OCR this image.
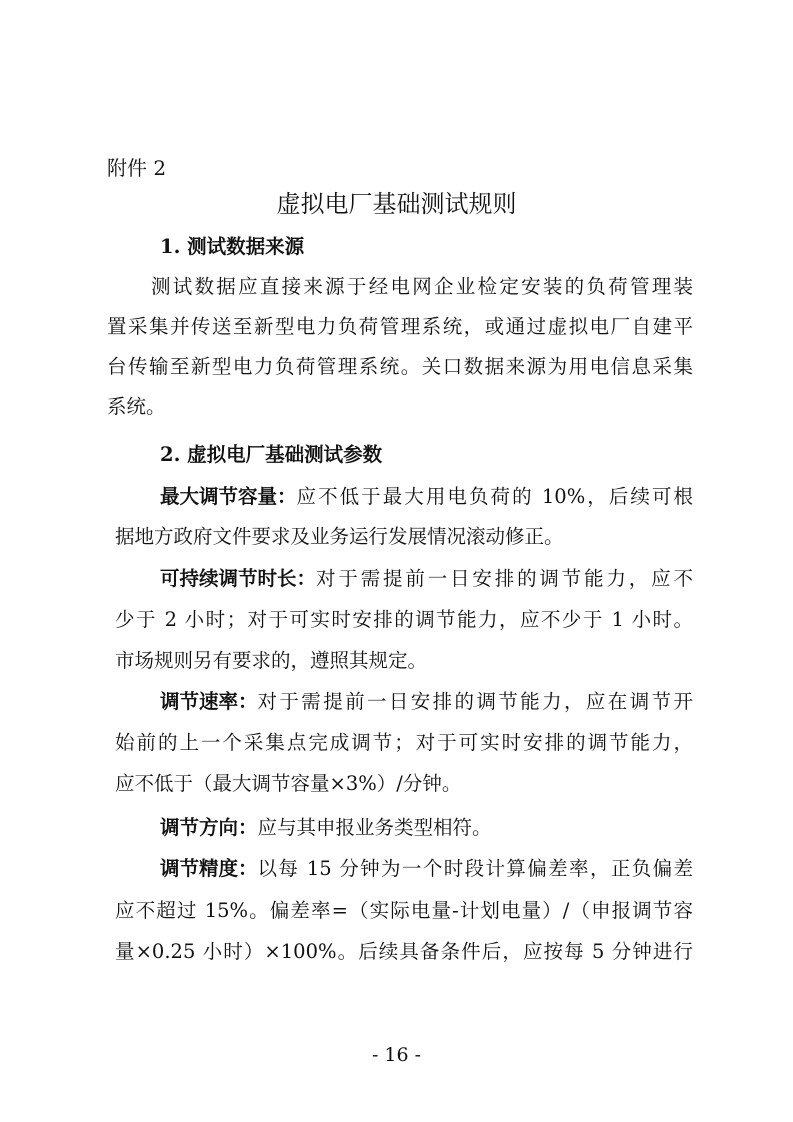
附件 2
虚拟电厂基础测试规则
1. 测试数据来源
测试数据应直接来源于经电网企业检定安装的负荷管理装
置采集并传送至新型电力负荷管理系统，或通过虚拟电厂自建平
台传输至新型电力负荷管理系统。关口数据来源为用电信息采集
系统。
2. 虚拟电厂基础测试参数
最大调节容量： 应不低于最大用电负荷的 10%，后续可根
据地方政府文件要求及业务运行发展情况滚动修正。
可持续调节时长： 对于需提前一日安排的调节能力，应不
少于 2 小时；对于可实时安排的调节能力，应不少于 1 小时。
市场规则另有要求的，遵照其规定。
调节速率： 对于需提前一日安排的调节能力，应在调节开
始前的上一个采集点完成调节；对于可实时安排的调节能力，
应不低于（最大调节容量×3%）/分钟。
调节方向：应与其申报业务类型相符。
调节精度： 以每 15 分钟为一个时段计算偏差率，正负偏差
应不超过 15%。偏差率=（实际电量-计划电量）/（申报调节容
量×0.25 小时）×100%。后续具备条件后，应按每 5 分钟进行
- 16 -
